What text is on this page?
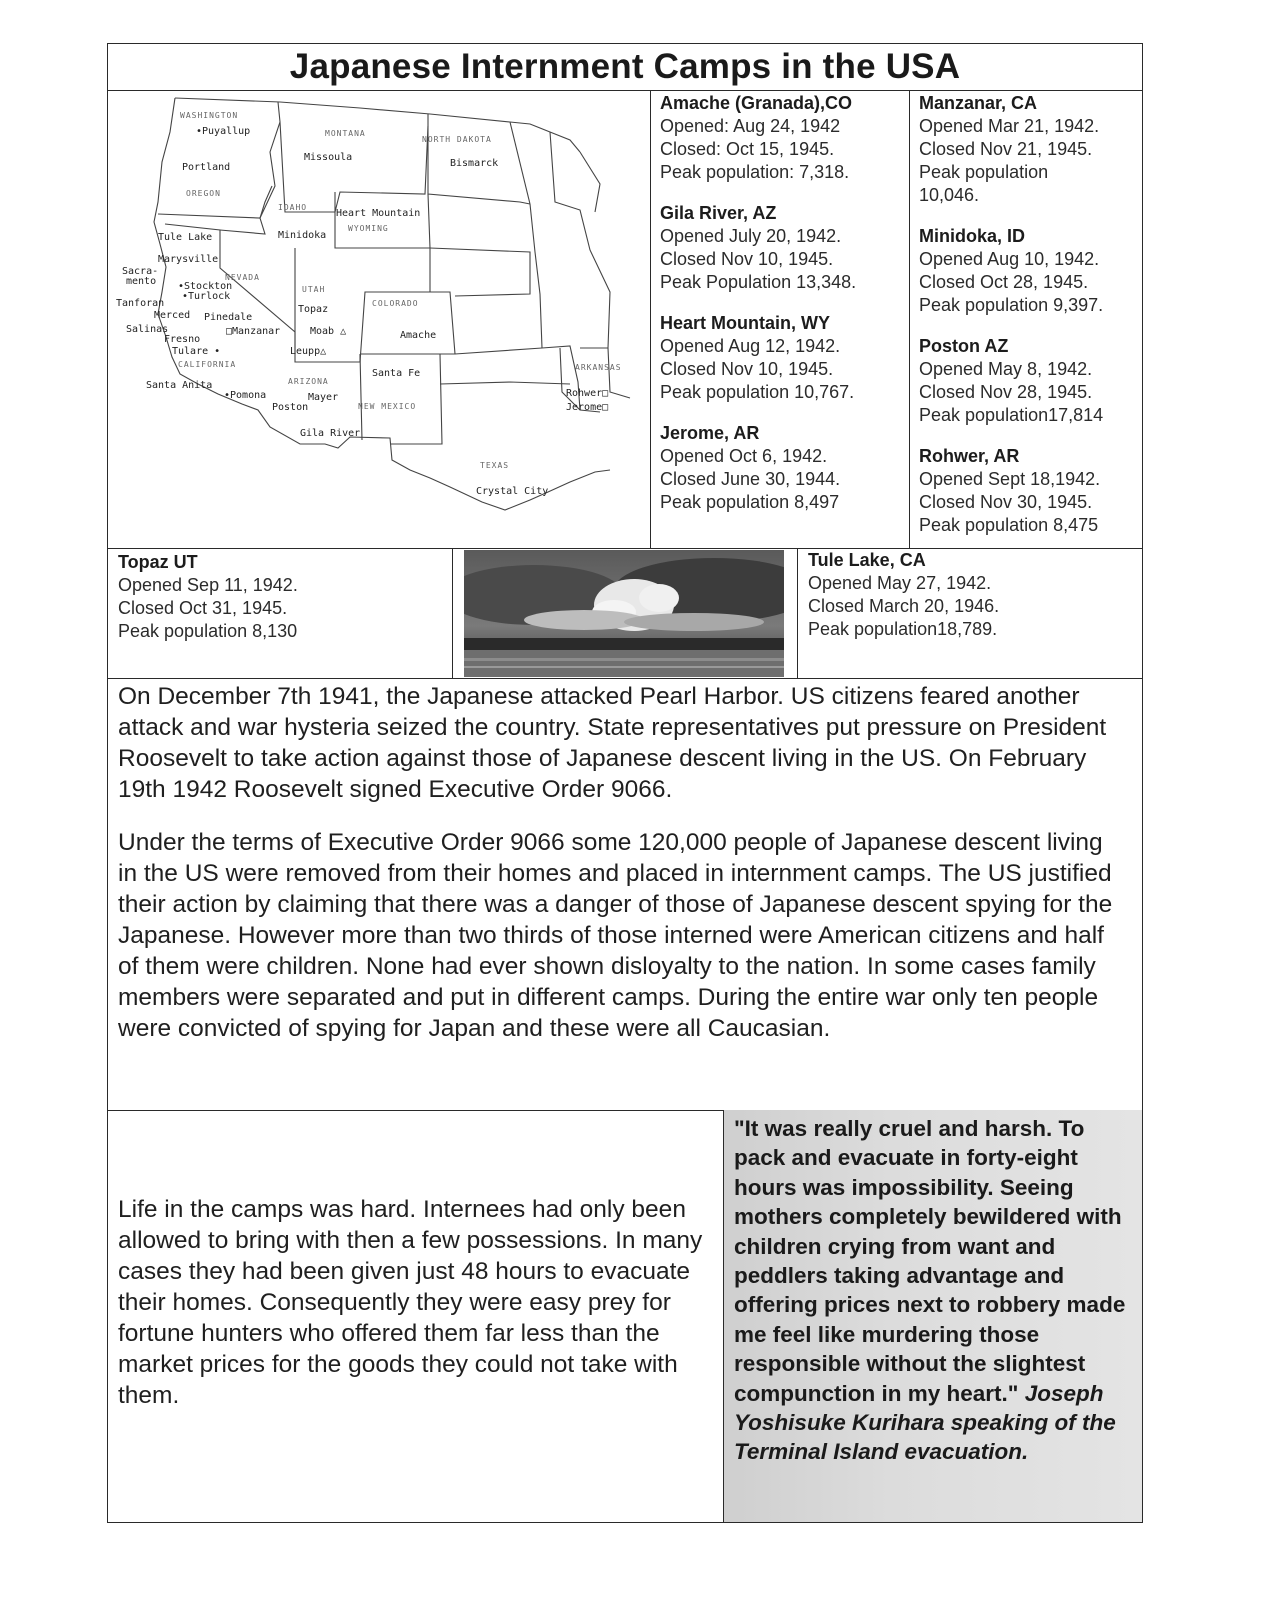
Japanese Internment Camps in the USA
WASHINGTON
MONTANA
NORTH DAKOTA
OREGON
IDAHO
WYOMING
NEVADA
UTAH
COLORADO
CALIFORNIA
ARIZONA
NEW MEXICO
ARKANSAS
TEXAS
•Puyallup
Portland
Missoula
Bismarck
Heart Mountain
Tule Lake	Minidoka
Marysville
Sacra-
mento •Stockton
•Turlock
Tanforan
Merced Pinedale
Salinas
Fresno
□Manzanar
Topaz
Moab △	Amache
Tulare •	Leupp△
Santa Fe
Santa Anita
•Pomona
Poston
Mayer
Gila River
Rohwer□
Jerome□
Crystal City
Amache (Granada),CO
Opened: Aug 24, 1942
Closed: Oct 15, 1945.
Peak population: 7,318.
Gila River, AZ
Opened July 20, 1942.
Closed Nov 10, 1945.
Peak Population 13,348.
Heart Mountain, WY
Opened Aug 12, 1942.
Closed Nov 10, 1945.
Peak population 10,767.
Jerome, AR
Opened Oct 6, 1942.
Closed June 30, 1944.
Peak population 8,497
Manzanar, CA
Opened Mar 21, 1942.
Closed Nov 21, 1945.
Peak population
10,046.
Minidoka, ID
Opened Aug 10, 1942.
Closed Oct 28, 1945.
Peak population 9,397.
Poston AZ
Opened May 8, 1942.
Closed Nov 28, 1945.
Peak population17,814
Rohwer, AR
Opened Sept 18,1942.
Closed Nov 30, 1945.
Peak population 8,475
Topaz UT
Opened Sep 11, 1942.
Closed Oct 31, 1945.
Peak population 8,130
Tule Lake, CA
Opened May 27, 1942.
Closed March 20, 1946.
Peak population18,789.

On December 7th 1941, the Japanese attacked Pearl Harbor. US citizens feared another attack and war hysteria seized the country. State representatives put pressure on President Roosevelt to take action against those of Japanese descent living in the US. On February 19th 1942 Roosevelt signed Executive Order 9066.

Under the terms of Executive Order 9066 some 120,000 people of Japanese descent living in the US were removed from their homes and placed in internment camps. The US justified their action by claiming that there was a danger of those of Japanese descent spying for the Japanese. However more than two thirds of those interned were American citizens and half of them were children. None had ever shown disloyalty to the nation. In some cases family members were separated and put in different camps. During the entire war only ten people were convicted of spying for Japan and these were all Caucasian.

Life in the camps was hard. Internees had only been allowed to bring with then a few possessions. In many cases they had been given just 48 hours to evacuate their homes. Consequently they were easy prey for fortune hunters who offered them far less than the market prices for the goods they could not take with them.
"It was really cruel and harsh. To pack and evacuate in forty-eight hours was impossibility. Seeing mothers completely bewildered with children crying from want and peddlers taking advantage and offering prices next to robbery made me feel like murdering those responsible without the slightest compunction in my heart." Joseph Yoshisuke Kurihara speaking of the Terminal Island evacuation.
